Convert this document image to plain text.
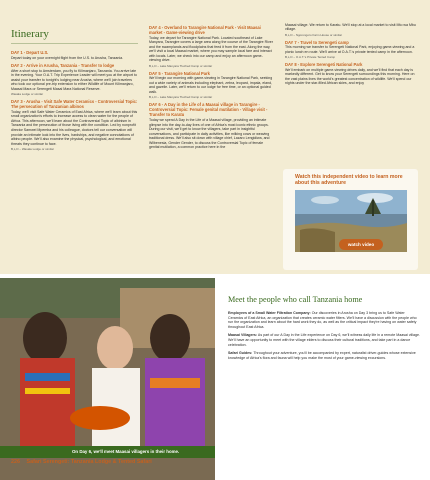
Itinerary
DAY 1 - Depart U.S.
Depart today on your overnight flight from the U.S. to Arusha, Tanzania.
DAY 2 - Arrive in Arusha, Tanzania - Transfer to lodge
After a short stop to Amsterdam, you fly to Kilimanjaro, Tanzania. You arrive late in the evening. Your O.A.T. Trip Experience Leader will meet you at the airport to assist your transfer to tonight's lodging near Arusha, where we'll join travelers who took our optional pre-trip extension to either Wildlife of Mount Kilimanjaro, Maasai Mara or Serengeti Masai Mara National Reserve.
Wasala Lodge or similar
DAY 3 - Arusha - Visit Safe Water Ceramics - Controversial Topic: The persecution of Tanzanian albinos
Today, we'll visit Safe Water Ceramics of East Africa, where we'll learn about this small organization's efforts to increase access to clean water for the people of Africa. This afternoon, we'll learn about the Controversial Topic of albinism in Tanzania and the persecution of those living with the condition. Led by nonprofit director Samwel Mpemba and his colleague, doctors tell our conversation will provide an intimate look into the lives, hardships, and negative connotations of albino people. We'll also examine the physical, psychological, and emotional threats they continue to face.
B,L,D – Wasala Lodge or similar
DAY 4 - Overland to Tarangire National Park - Visit Maasai market - Game-viewing drive
Today, we depart for Tarangire National Park. Located southeast of Lake Manyara, Tarangire covers a large area along the course of the Tarangire River and the swamplands and floodplains that feed it from the east. Along the way, we'll visit a local Maasai market, where you may sample local fare and interact with locals. Later, we check into our camp and enjoy an afternoon game-viewing drive.
B,L,D – Lake Manyara Tloched Camp or similar
DAY 5 - Tarangire National Park
We'll begin our morning with game-viewing in Tarangire National Park, seeking out a wide variety of animals including elephant, zebra, leopard, impala, eland, and gazelle. Later, we'll return to our lodge for free time, or an optional guided walk.
B,L,D – Lake Manyara Tloched Camp or similar
DAY 6 - A Day in the Life of a Maasai village in Tarangire - Controversial Topic: Female genital mutilation - Village visit - Transfer to Karatu
Today we spend A Day in the Life of a Maasai village, providing an intimate glimpse into the day-to-day lives of one of Africa's most iconic ethnic groups. During our visit, we'll get to know the villagers, take part in insightful conversations, and participate in daily activities, like milking cows or weaving traditional dress. We'll also sit down with village chief, Lazaro Lengidiwa, and Wilbenesia, Gender Gender, to discuss the Controversial Topic of female genital mutilation, a common practice here in the
Maasai village. We return to Karatu. We'll stop at a local market to visit Mto wa Mbu village.
B,L,D – Ngorongoro Farm House or similar
DAY 7 - Travel to Serengeti camp
This morning we transfer to Serengeti National Park, enjoying game-viewing and a picnic lunch en route. We'll arrive at O.A.T.'s private tented camp in the afternoon.
B,L,D – O.A.T.'s Private Tented Camp
DAY 8 - Explore Serengeti National Park
We'll embark on multiple game-viewing drives daily, and we'll find that each day is markedly different. Get to know your Serengeti surroundings this morning. Here on the vast plains lives the world's greatest concentration of wildlife. We'll spend our nights under the star-filled African skies, and enjoy
Watch this independent video to learn more about this adventure
watch video
On Day 6, we'll meet Maasai villagers in their home.
Meet the people who call Tanzania home
Employees of a Small Water Filtration Company: Our discoveries in Arusha on Day 3 bring us to Safe Water Ceramics of East Africa, an organization that creates ceramic water filters. We'll have a discussion with the people who run the organization and learn about the hard work they do, as well as the critical impact they're having on water safety throughout East Africa.
Maasai Villagers: As part of our A Day in the Life experience on Day 6, we'll witness daily life in a remote Maasai village. We'll have an opportunity to meet with the village elders to discuss their cultural traditions, and take part in a dance celebration.
Safari Guides: Throughout your adventure, you'll be accompanied by expert, naturalist driver-guides whose extensive knowledge of Africa's flora and fauna will help you make the most of your game-viewing excursions.
226 Safari Serengeti: Tanzania Lodge & Tented Safari
